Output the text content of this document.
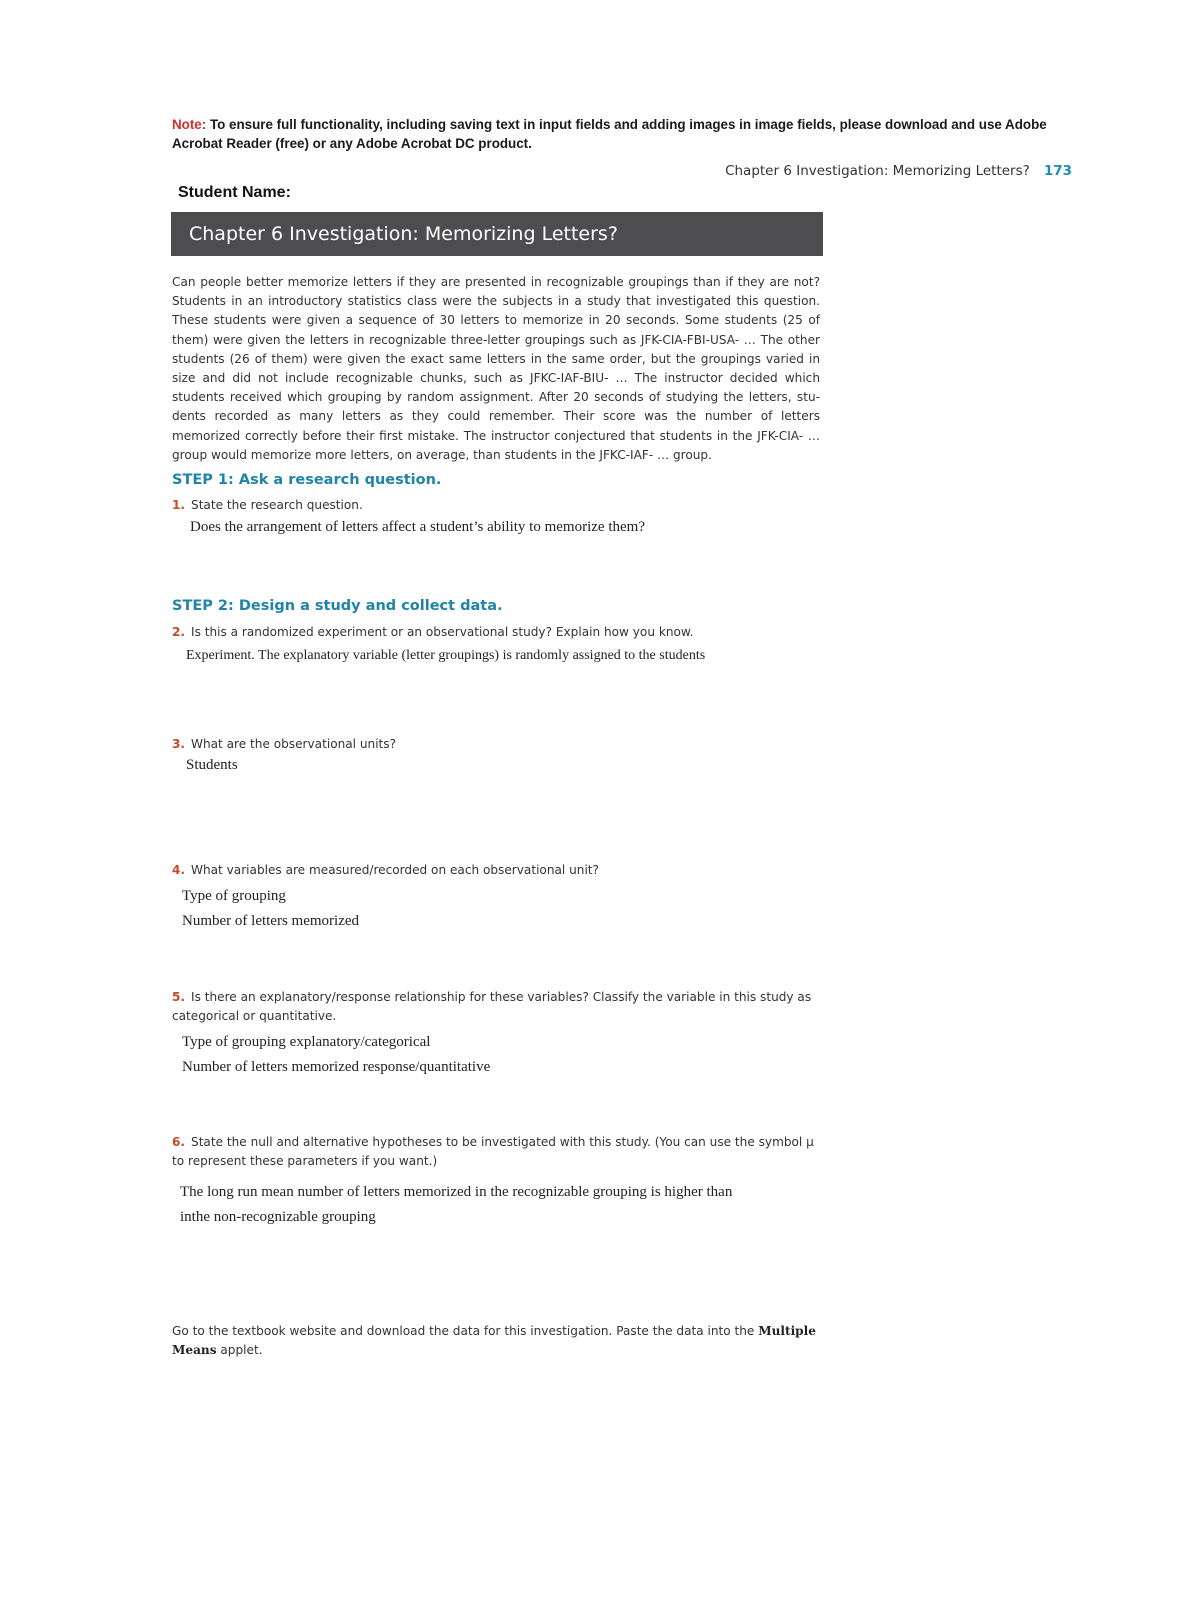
Note: To ensure full functionality, including saving text in input fields and adding images in image fields, please download and use Adobe Acrobat Reader (free) or any Adobe Acrobat DC product.
Chapter 6 Investigation: Memorizing Letters? 173
Student Name:
Chapter 6 Investigation: Memorizing Letters?
Can people better memorize letters if they are presented in recognizable groupings than if they are not? Students in an introductory statistics class were the subjects in a study that investigated this question. These students were given a sequence of 30 letters to memorize in 20 seconds. Some students (25 of them) were given the letters in recognizable three-letter groupings such as JFK-CIA-FBI-USA- … The other students (26 of them) were given the exact same letters in the same order, but the groupings varied in size and did not include recognizable chunks, such as JFKC-IAF-BIU- … The instructor decided which students received which grouping by random assignment. After 20 seconds of studying the letters, stu-dents recorded as many letters as they could remember. Their score was the number of letters memorized correctly before their first mistake. The instructor conjectured that students in the JFK-CIA- … group would memorize more letters, on average, than students in the JFKC-IAF- … group.
STEP 1: Ask a research question.
1. State the research question.
Does the arrangement of letters affect a student’s ability to memorize them?
STEP 2: Design a study and collect data.
2. Is this a randomized experiment or an observational study? Explain how you know.
Experiment. The explanatory variable (letter groupings) is randomly assigned to the students
3. What are the observational units?
Students
4. What variables are measured/recorded on each observational unit?
Type of grouping
Number of letters memorized
5. Is there an explanatory/response relationship for these variables? Classify the variable in this study as categorical or quantitative.
Type of grouping explanatory/categorical
Number of letters memorized response/quantitative
6. State the null and alternative hypotheses to be investigated with this study. (You can use the symbol μ to represent these parameters if you want.)
The long run mean number of letters memorized in the recognizable grouping is higher than
inthe non-recognizable grouping
Go to the textbook website and download the data for this investigation. Paste the data into the Multiple Means applet.
